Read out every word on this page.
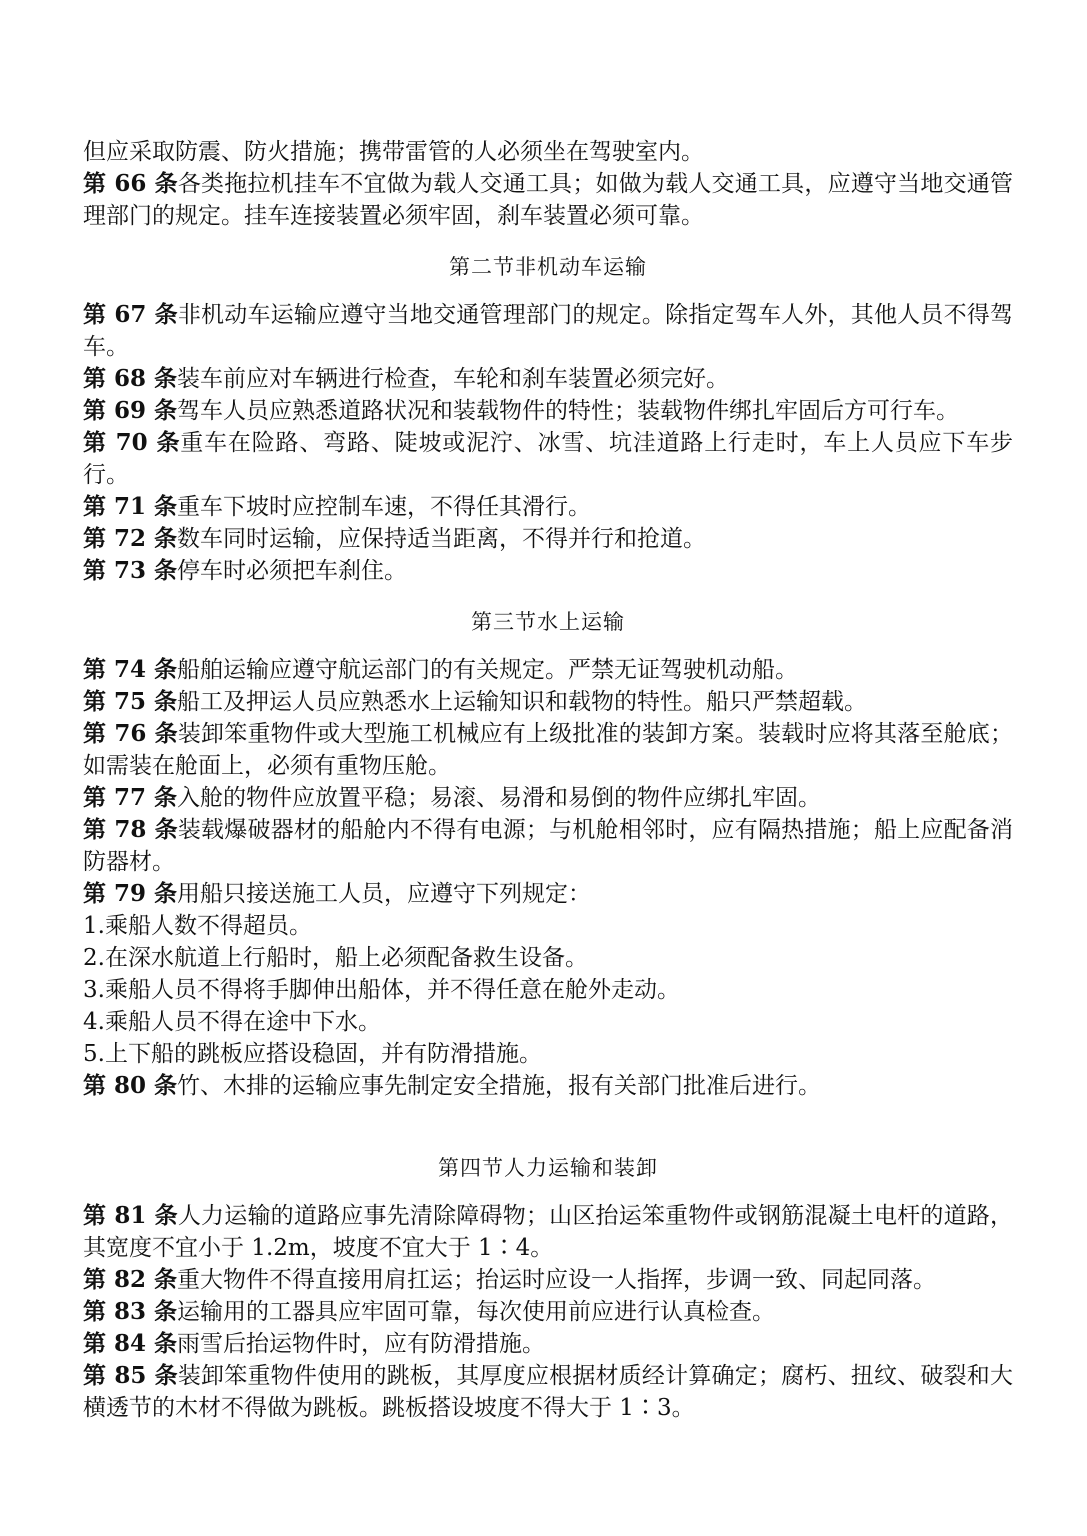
但应采取防震、防火措施；携带雷管的人必须坐在驾驶室内。

第 66 条各类拖拉机挂车不宜做为载人交通工具；如做为载人交通工具，应遵守当地交通管理部门的规定。挂车连接装置必须牢固，刹车装置必须可靠。

第二节非机动车运输

第 67 条非机动车运输应遵守当地交通管理部门的规定。除指定驾车人外，其他人员不得驾车。

第 68 条装车前应对车辆进行检查，车轮和刹车装置必须完好。

第 69 条驾车人员应熟悉道路状况和装载物件的特性；装载物件绑扎牢固后方可行车。

第 70 条重车在险路、弯路、陡坡或泥泞、冰雪、坑洼道路上行走时，车上人员应下车步行。

第 71 条重车下坡时应控制车速，不得任其滑行。

第 72 条数车同时运输，应保持适当距离，不得并行和抢道。

第 73 条停车时必须把车刹住。

第三节水上运输

第 74 条船舶运输应遵守航运部门的有关规定。严禁无证驾驶机动船。

第 75 条船工及押运人员应熟悉水上运输知识和载物的特性。船只严禁超载。

第 76 条装卸笨重物件或大型施工机械应有上级批准的装卸方案。装载时应将其落至舱底；如需装在舱面上，必须有重物压舱。

第 77 条入舱的物件应放置平稳；易滚、易滑和易倒的物件应绑扎牢固。

第 78 条装载爆破器材的船舱内不得有电源；与机舱相邻时，应有隔热措施；船上应配备消防器材。

第 79 条用船只接送施工人员，应遵守下列规定：

1.乘船人数不得超员。

2.在深水航道上行船时，船上必须配备救生设备。

3.乘船人员不得将手脚伸出船体，并不得任意在舱外走动。

4.乘船人员不得在途中下水。

5.上下船的跳板应搭设稳固，并有防滑措施。

第 80 条竹、木排的运输应事先制定安全措施，报有关部门批准后进行。

第四节人力运输和装卸

第 81 条人力运输的道路应事先清除障碍物；山区抬运笨重物件或钢筋混凝土电杆的道路，其宽度不宜小于 1.2m，坡度不宜大于 1∶4。

第 82 条重大物件不得直接用肩扛运；抬运时应设一人指挥，步调一致、同起同落。

第 83 条运输用的工器具应牢固可靠，每次使用前应进行认真检查。

第 84 条雨雪后抬运物件时，应有防滑措施。

第 85 条装卸笨重物件使用的跳板，其厚度应根据材质经计算确定；腐朽、扭纹、破裂和大横透节的木材不得做为跳板。跳板搭设坡度不得大于 1∶3。
